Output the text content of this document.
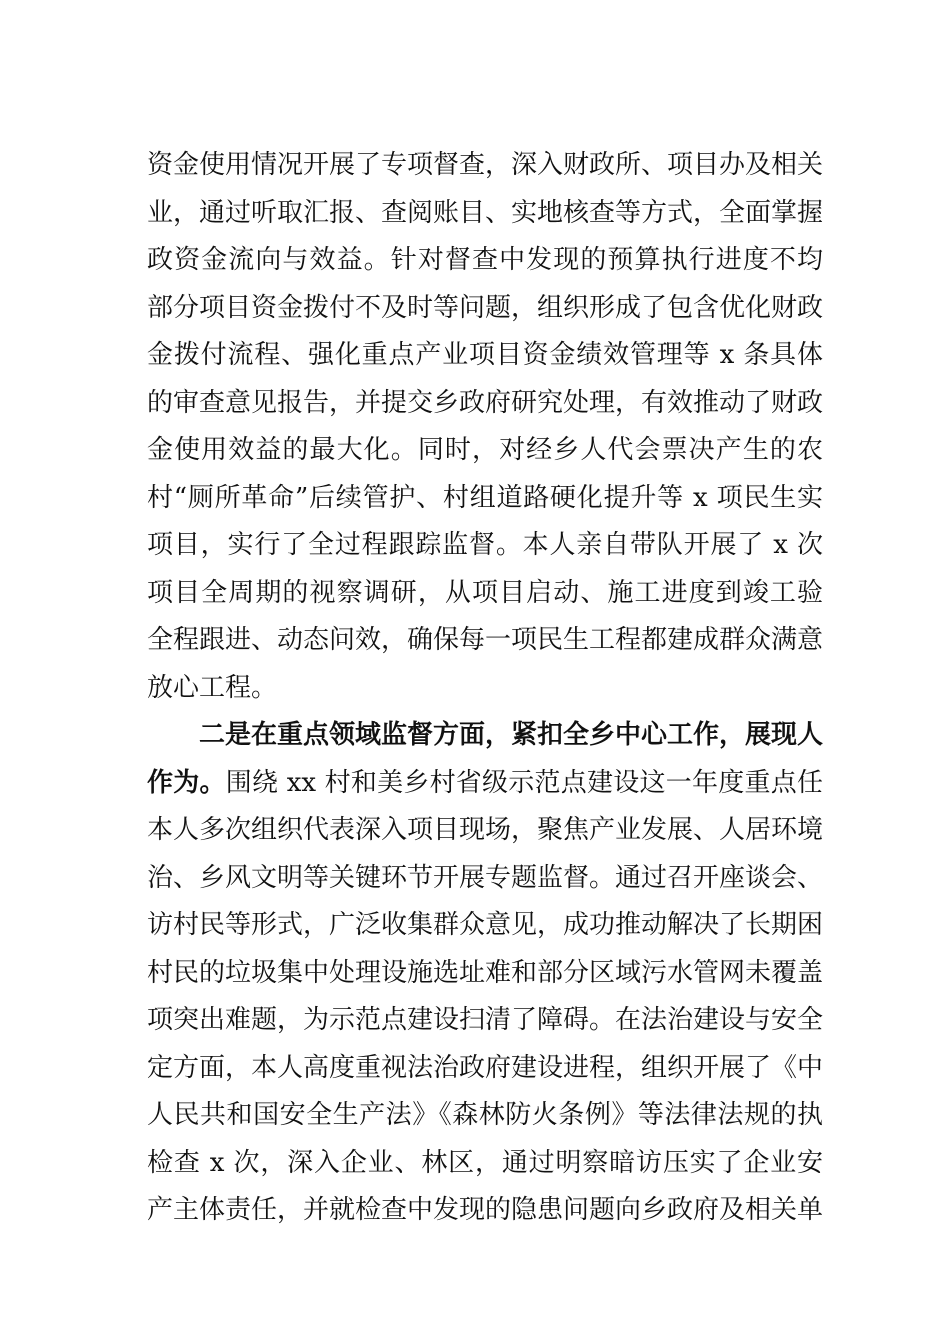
资金使用情况开展了专项督查，深入财政所、项目办及相关
业，通过听取汇报、查阅账目、实地核查等方式，全面掌握
政资金流向与效益。针对督查中发现的预算执行进度不均
部分项目资金拨付不及时等问题，组织形成了包含优化财政
金拨付流程、强化重点产业项目资金绩效管理等 x 条具体
的审查意见报告，并提交乡政府研究处理，有效推动了财政
金使用效益的最大化。同时，对经乡人代会票决产生的农
村“厕所革命”后续管护、村组道路硬化提升等 x 项民生实
项目，实行了全过程跟踪监督。本人亲自带队开展了 x 次
项目全周期的视察调研，从项目启动、施工进度到竣工验
全程跟进、动态问效，确保每一项民生工程都建成群众满意
放心工程。
二是在重点领域监督方面，紧扣全乡中心工作，展现人
作为。围绕 xx 村和美乡村省级示范点建设这一年度重点任
本人多次组织代表深入项目现场，聚焦产业发展、人居环境
治、乡风文明等关键环节开展专题监督。通过召开座谈会、
访村民等形式，广泛收集群众意见，成功推动解决了长期困
村民的垃圾集中处理设施选址难和部分区域污水管网未覆盖
项突出难题，为示范点建设扫清了障碍。在法治建设与安全
定方面，本人高度重视法治政府建设进程，组织开展了《中
人民共和国安全生产法》《森林防火条例》等法律法规的执
检查 x 次，深入企业、林区，通过明察暗访压实了企业安
产主体责任，并就检查中发现的隐患问题向乡政府及相关单
